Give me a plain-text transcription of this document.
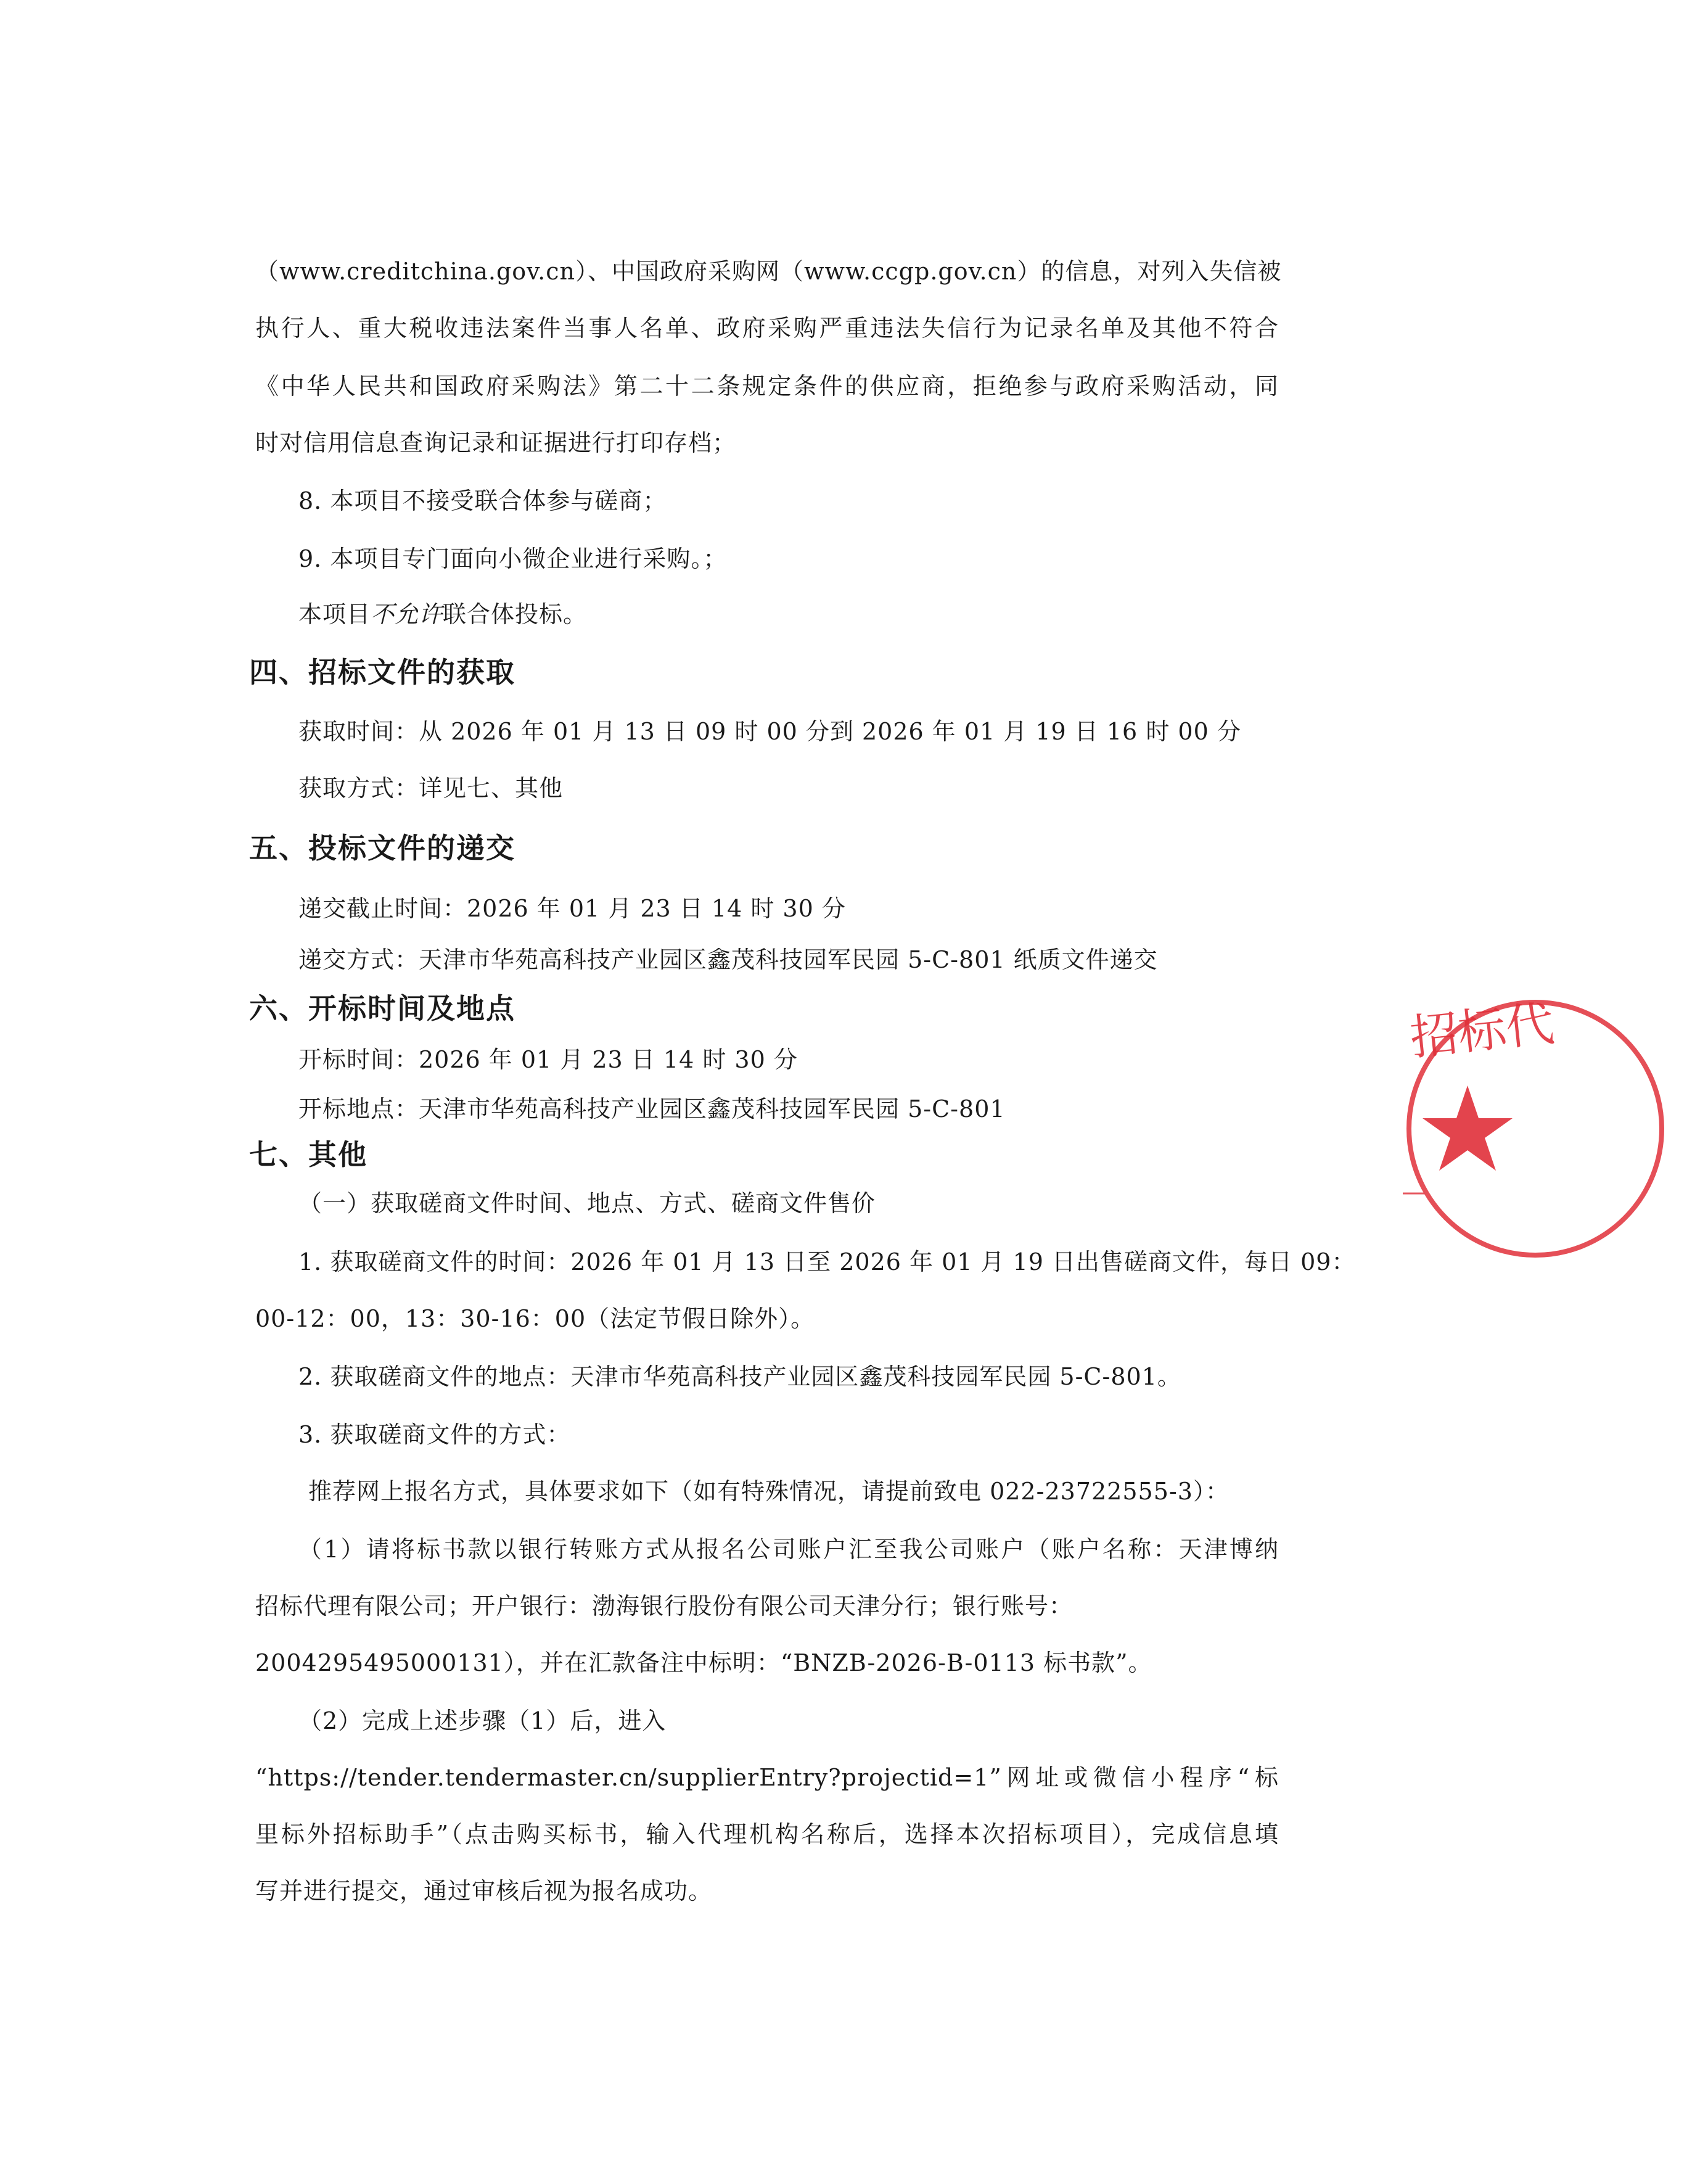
（www.creditchina.gov.cn）、中国政府采购网（www.ccgp.gov.cn）的信息，对列入失信被
执行人、重大税收违法案件当事人名单、政府采购严重违法失信行为记录名单及其他不符合
《中华人民共和国政府采购法》第二十二条规定条件的供应商，拒绝参与政府采购活动，同
时对信用信息查询记录和证据进行打印存档；
8. 本项目不接受联合体参与磋商；
9. 本项目专门面向小微企业进行采购。；
本项目不允许联合体投标。
四、招标文件的获取
获取时间：从 2026 年 01 月 13 日 09 时 00 分到 2026 年 01 月 19 日 16 时 00 分
获取方式：详见七、其他
五、投标文件的递交
递交截止时间：2026 年 01 月 23 日 14 时 30 分
递交方式：天津市华苑高科技产业园区鑫茂科技园军民园 5-C-801 纸质文件递交
六、开标时间及地点
开标时间：2026 年 01 月 23 日 14 时 30 分
开标地点：天津市华苑高科技产业园区鑫茂科技园军民园 5-C-801
七、其他
（一）获取磋商文件时间、地点、方式、磋商文件售价
1. 获取磋商文件的时间：2026 年 01 月 13 日至 2026 年 01 月 19 日出售磋商文件，每日 09：
00-12：00，13：30-16：00（法定节假日除外）。
2. 获取磋商文件的地点：天津市华苑高科技产业园区鑫茂科技园军民园 5-C-801。
3. 获取磋商文件的方式：
推荐网上报名方式，具体要求如下（如有特殊情况，请提前致电 022-23722555-3）：
（1）请将标书款以银行转账方式从报名公司账户汇至我公司账户（账户名称：天津博纳
招标代理有限公司；开户银行：渤海银行股份有限公司天津分行；银行账号：
2004295495000131），并在汇款备注中标明：“BNZB-2026-B-0113 标书款”。
（2）完成上述步骤（1）后，进入
“https://tender.tendermaster.cn/supplierEntry?projectid=1”网址或微信小程序“标
里标外招标助手”（点击购买标书，输入代理机构名称后，选择本次招标项目），完成信息填
写并进行提交，通过审核后视为报名成功。
招标代
